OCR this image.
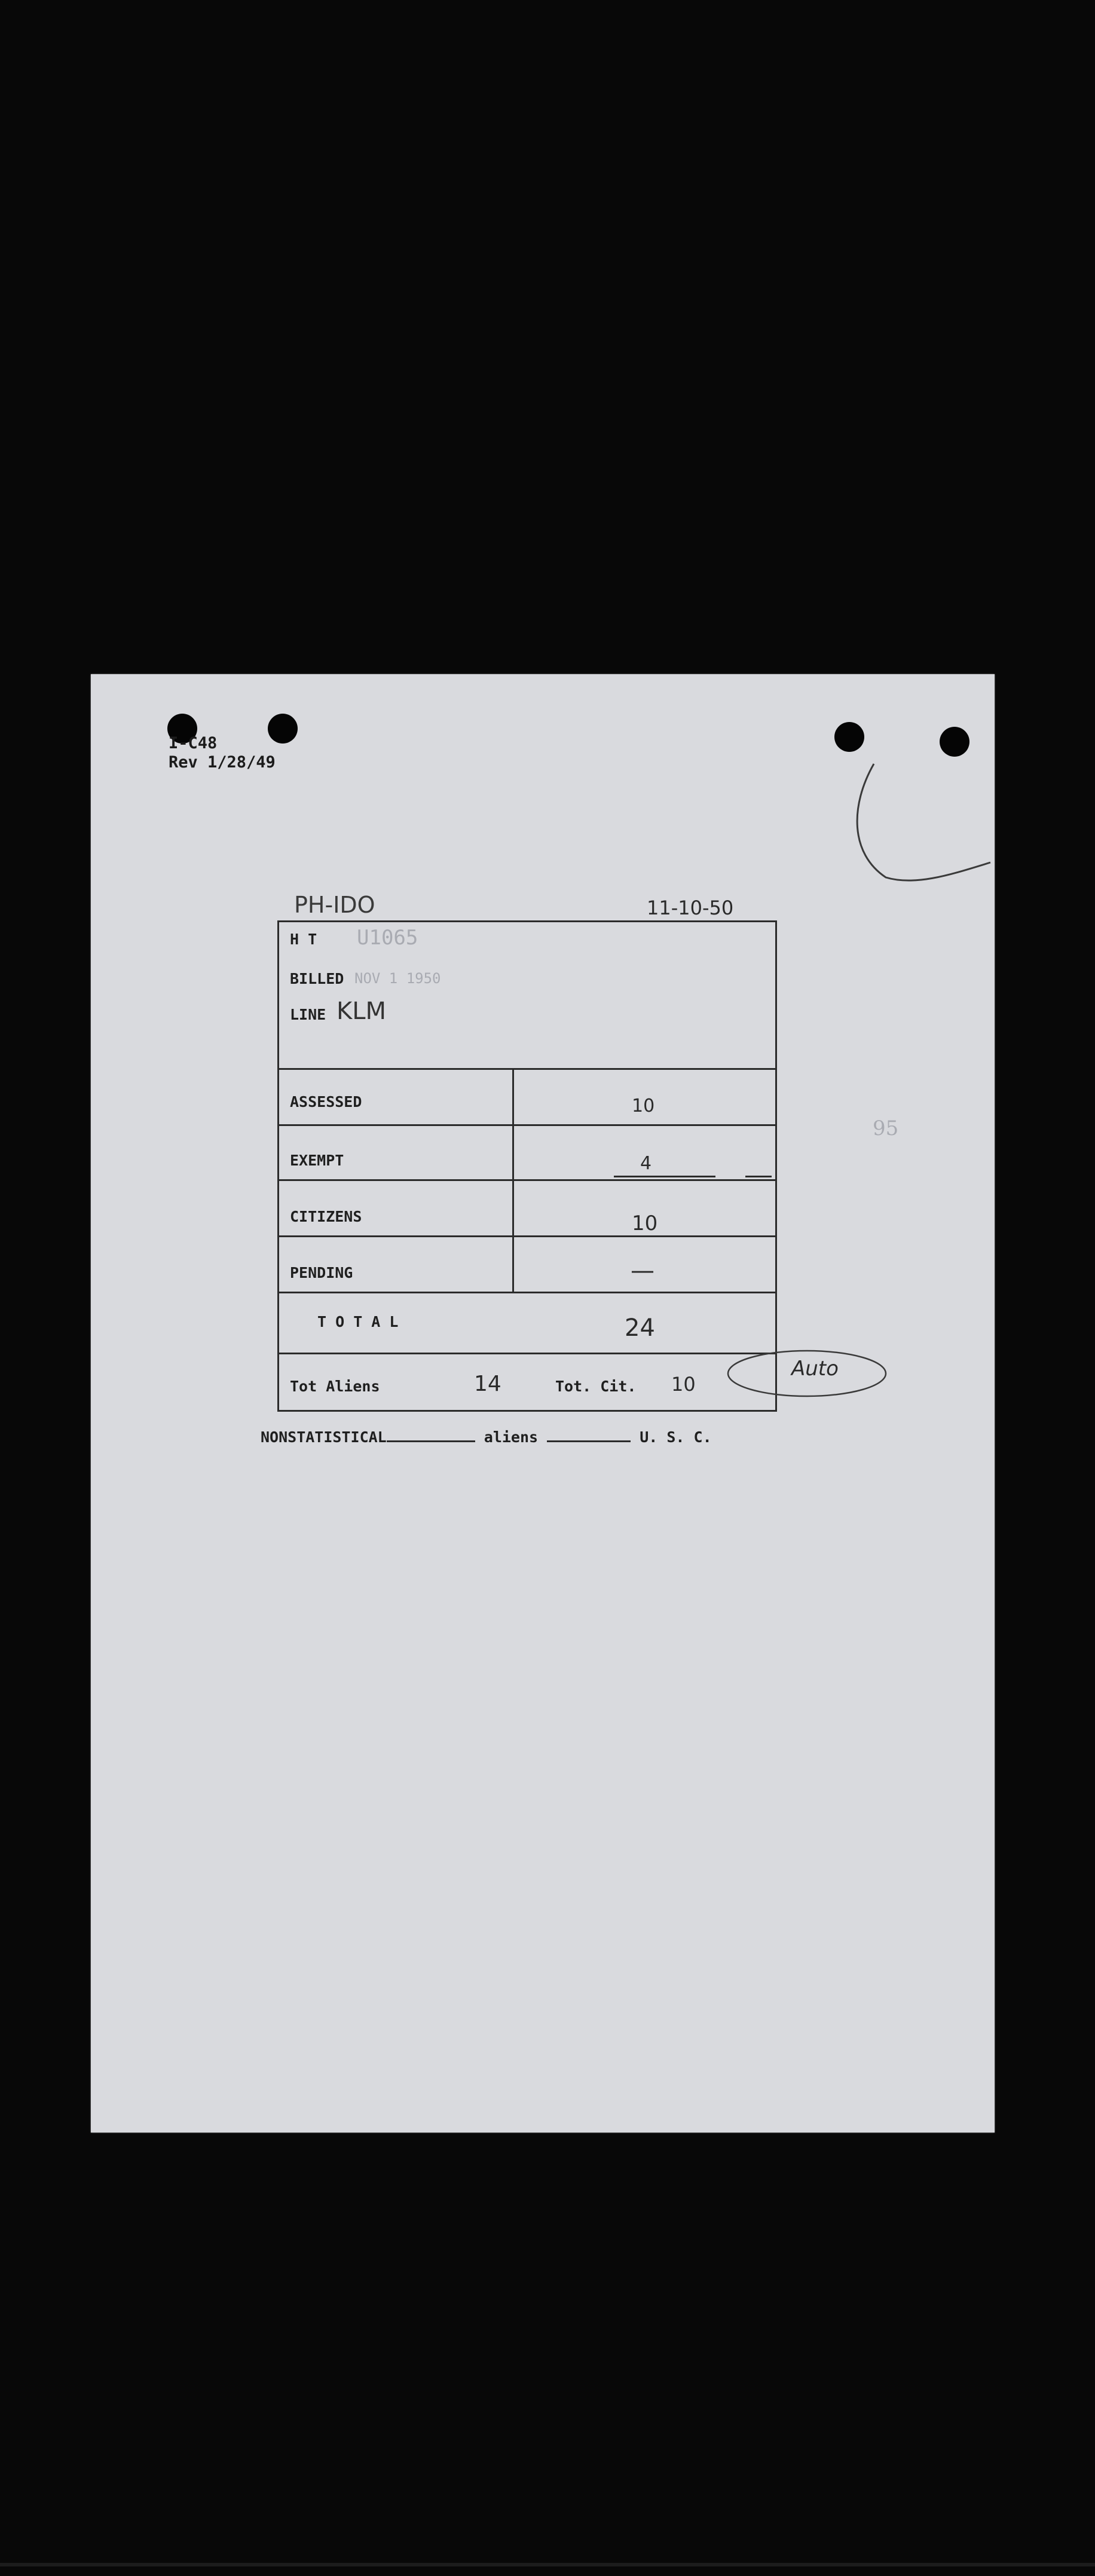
I-C48
Rev 1/28/49
PH-IDO	11-10-50
95
H T U1065
BILLED NOV 1 1950
LINE KLM
ASSESSED	10
EXEMPT	4
CITIZENS	10
PENDING	—
T O T A L	24
Tot Aliens	14	Tot. Cit. 10
Auto
NONSTATISTICAL	aliens	U. S. C.
